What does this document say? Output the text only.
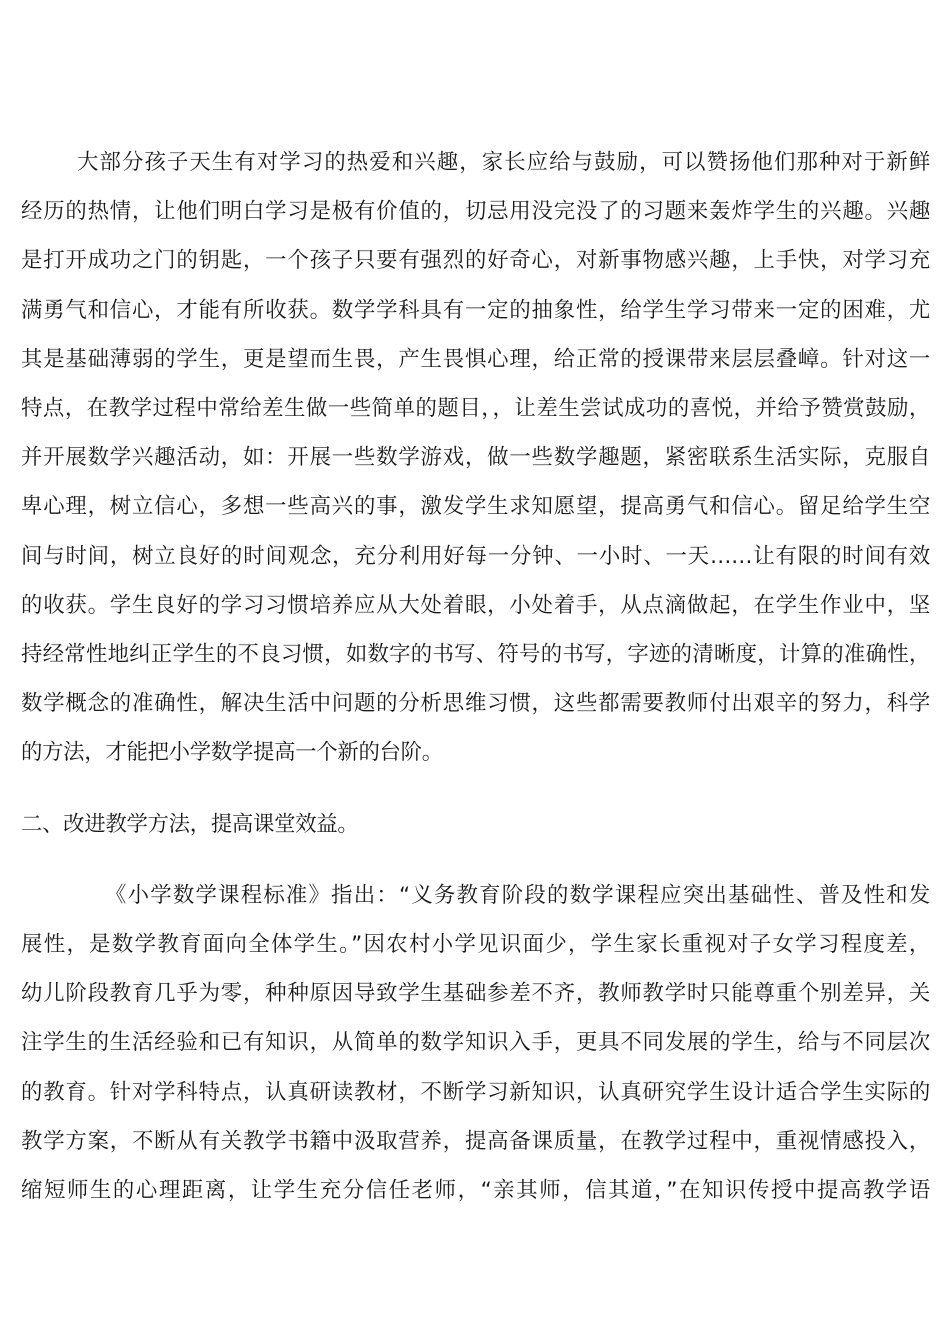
大部分孩子天生有对学习的热爱和兴趣，家长应给与鼓励，可以赞扬他们那种对于新鲜
经历的热情，让他们明白学习是极有价值的，切忌用没完没了的习题来轰炸学生的兴趣。兴趣
是打开成功之门的钥匙，一个孩子只要有强烈的好奇心，对新事物感兴趣，上手快，对学习充
满勇气和信心，才能有所收获。数学学科具有一定的抽象性，给学生学习带来一定的困难，尤
其是基础薄弱的学生，更是望而生畏，产生畏惧心理，给正常的授课带来层层叠嶂。针对这一
特点，在教学过程中常给差生做一些简单的题目，，让差生尝试成功的喜悦，并给予赞赏鼓励，
并开展数学兴趣活动，如：开展一些数学游戏，做一些数学趣题，紧密联系生活实际，克服自
卑心理，树立信心，多想一些高兴的事，激发学生求知愿望，提高勇气和信心。留足给学生空
间与时间，树立良好的时间观念，充分利用好每一分钟、一小时、一天……让有限的时间有效
的收获。学生良好的学习习惯培养应从大处着眼，小处着手，从点滴做起，在学生作业中，坚
持经常性地纠正学生的不良习惯，如数字的书写、符号的书写，字迹的清晰度，计算的准确性，
数学概念的准确性，解决生活中问题的分析思维习惯，这些都需要教师付出艰辛的努力，科学
的方法，才能把小学数学提高一个新的台阶。
二、改进教学方法，提高课堂效益。
《小学数学课程标准》指出：“义务教育阶段的数学课程应突出基础性、普及性和发
展性，是数学教育面向全体学生。”因农村小学见识面少，学生家长重视对子女学习程度差，
幼儿阶段教育几乎为零，种种原因导致学生基础参差不齐，教师教学时只能尊重个别差异，关
注学生的生活经验和已有知识，从简单的数学知识入手，更具不同发展的学生，给与不同层次
的教育。针对学科特点，认真研读教材，不断学习新知识，认真研究学生设计适合学生实际的
教学方案，不断从有关教学书籍中汲取营养，提高备课质量，在教学过程中，重视情感投入，
缩短师生的心理距离，让学生充分信任老师，“亲其师，信其道，”在知识传授中提高教学语
